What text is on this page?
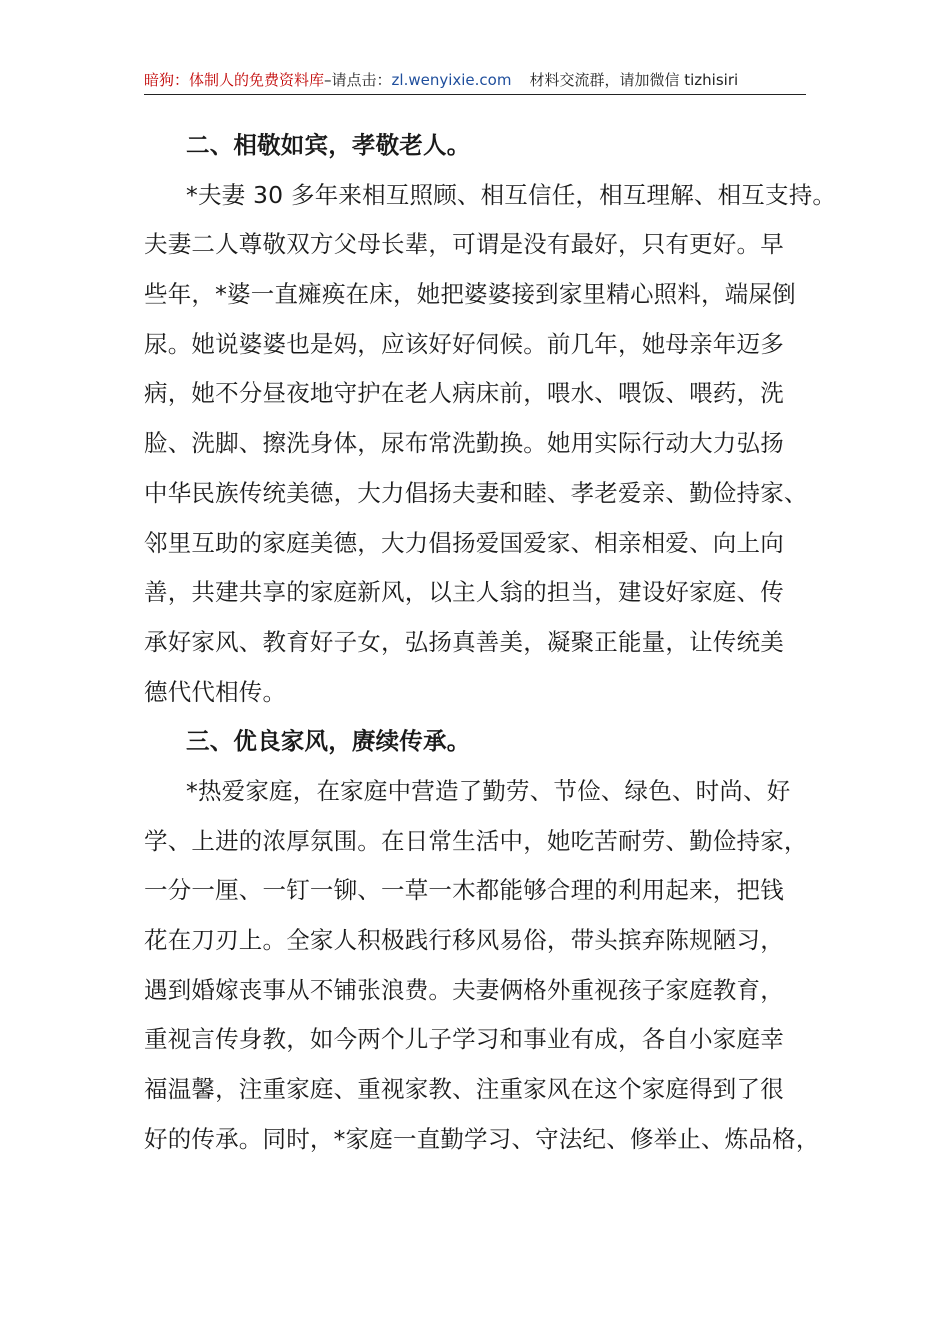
暗狗：体制人的免费资料库–请点击：zl.wenyixie.com 材料交流群，请加微信 tizhisiri
二、相敬如宾，孝敬老人。
*夫妻 30 多年来相互照顾、相互信任，相互理解、相互支持。
夫妻二人尊敬双方父母长辈，可谓是没有最好，只有更好。早
些年，*婆一直瘫痪在床，她把婆婆接到家里精心照料，端屎倒
尿。她说婆婆也是妈，应该好好伺候。前几年，她母亲年迈多
病，她不分昼夜地守护在老人病床前，喂水、喂饭、喂药，洗
脸、洗脚、擦洗身体，尿布常洗勤换。她用实际行动大力弘扬
中华民族传统美德，大力倡扬夫妻和睦、孝老爱亲、勤俭持家、
邻里互助的家庭美德，大力倡扬爱国爱家、相亲相爱、向上向
善，共建共享的家庭新风，以主人翁的担当，建设好家庭、传
承好家风、教育好子女，弘扬真善美，凝聚正能量，让传统美
德代代相传。
三、优良家风，赓续传承。
*热爱家庭，在家庭中营造了勤劳、节俭、绿色、时尚、好
学、上进的浓厚氛围。在日常生活中，她吃苦耐劳、勤俭持家，
一分一厘、一钉一铆、一草一木都能够合理的利用起来，把钱
花在刀刃上。全家人积极践行移风易俗，带头摈弃陈规陋习，
遇到婚嫁丧事从不铺张浪费。夫妻俩格外重视孩子家庭教育，
重视言传身教，如今两个儿子学习和事业有成，各自小家庭幸
福温馨，注重家庭、重视家教、注重家风在这个家庭得到了很
好的传承。同时，*家庭一直勤学习、守法纪、修举止、炼品格，
